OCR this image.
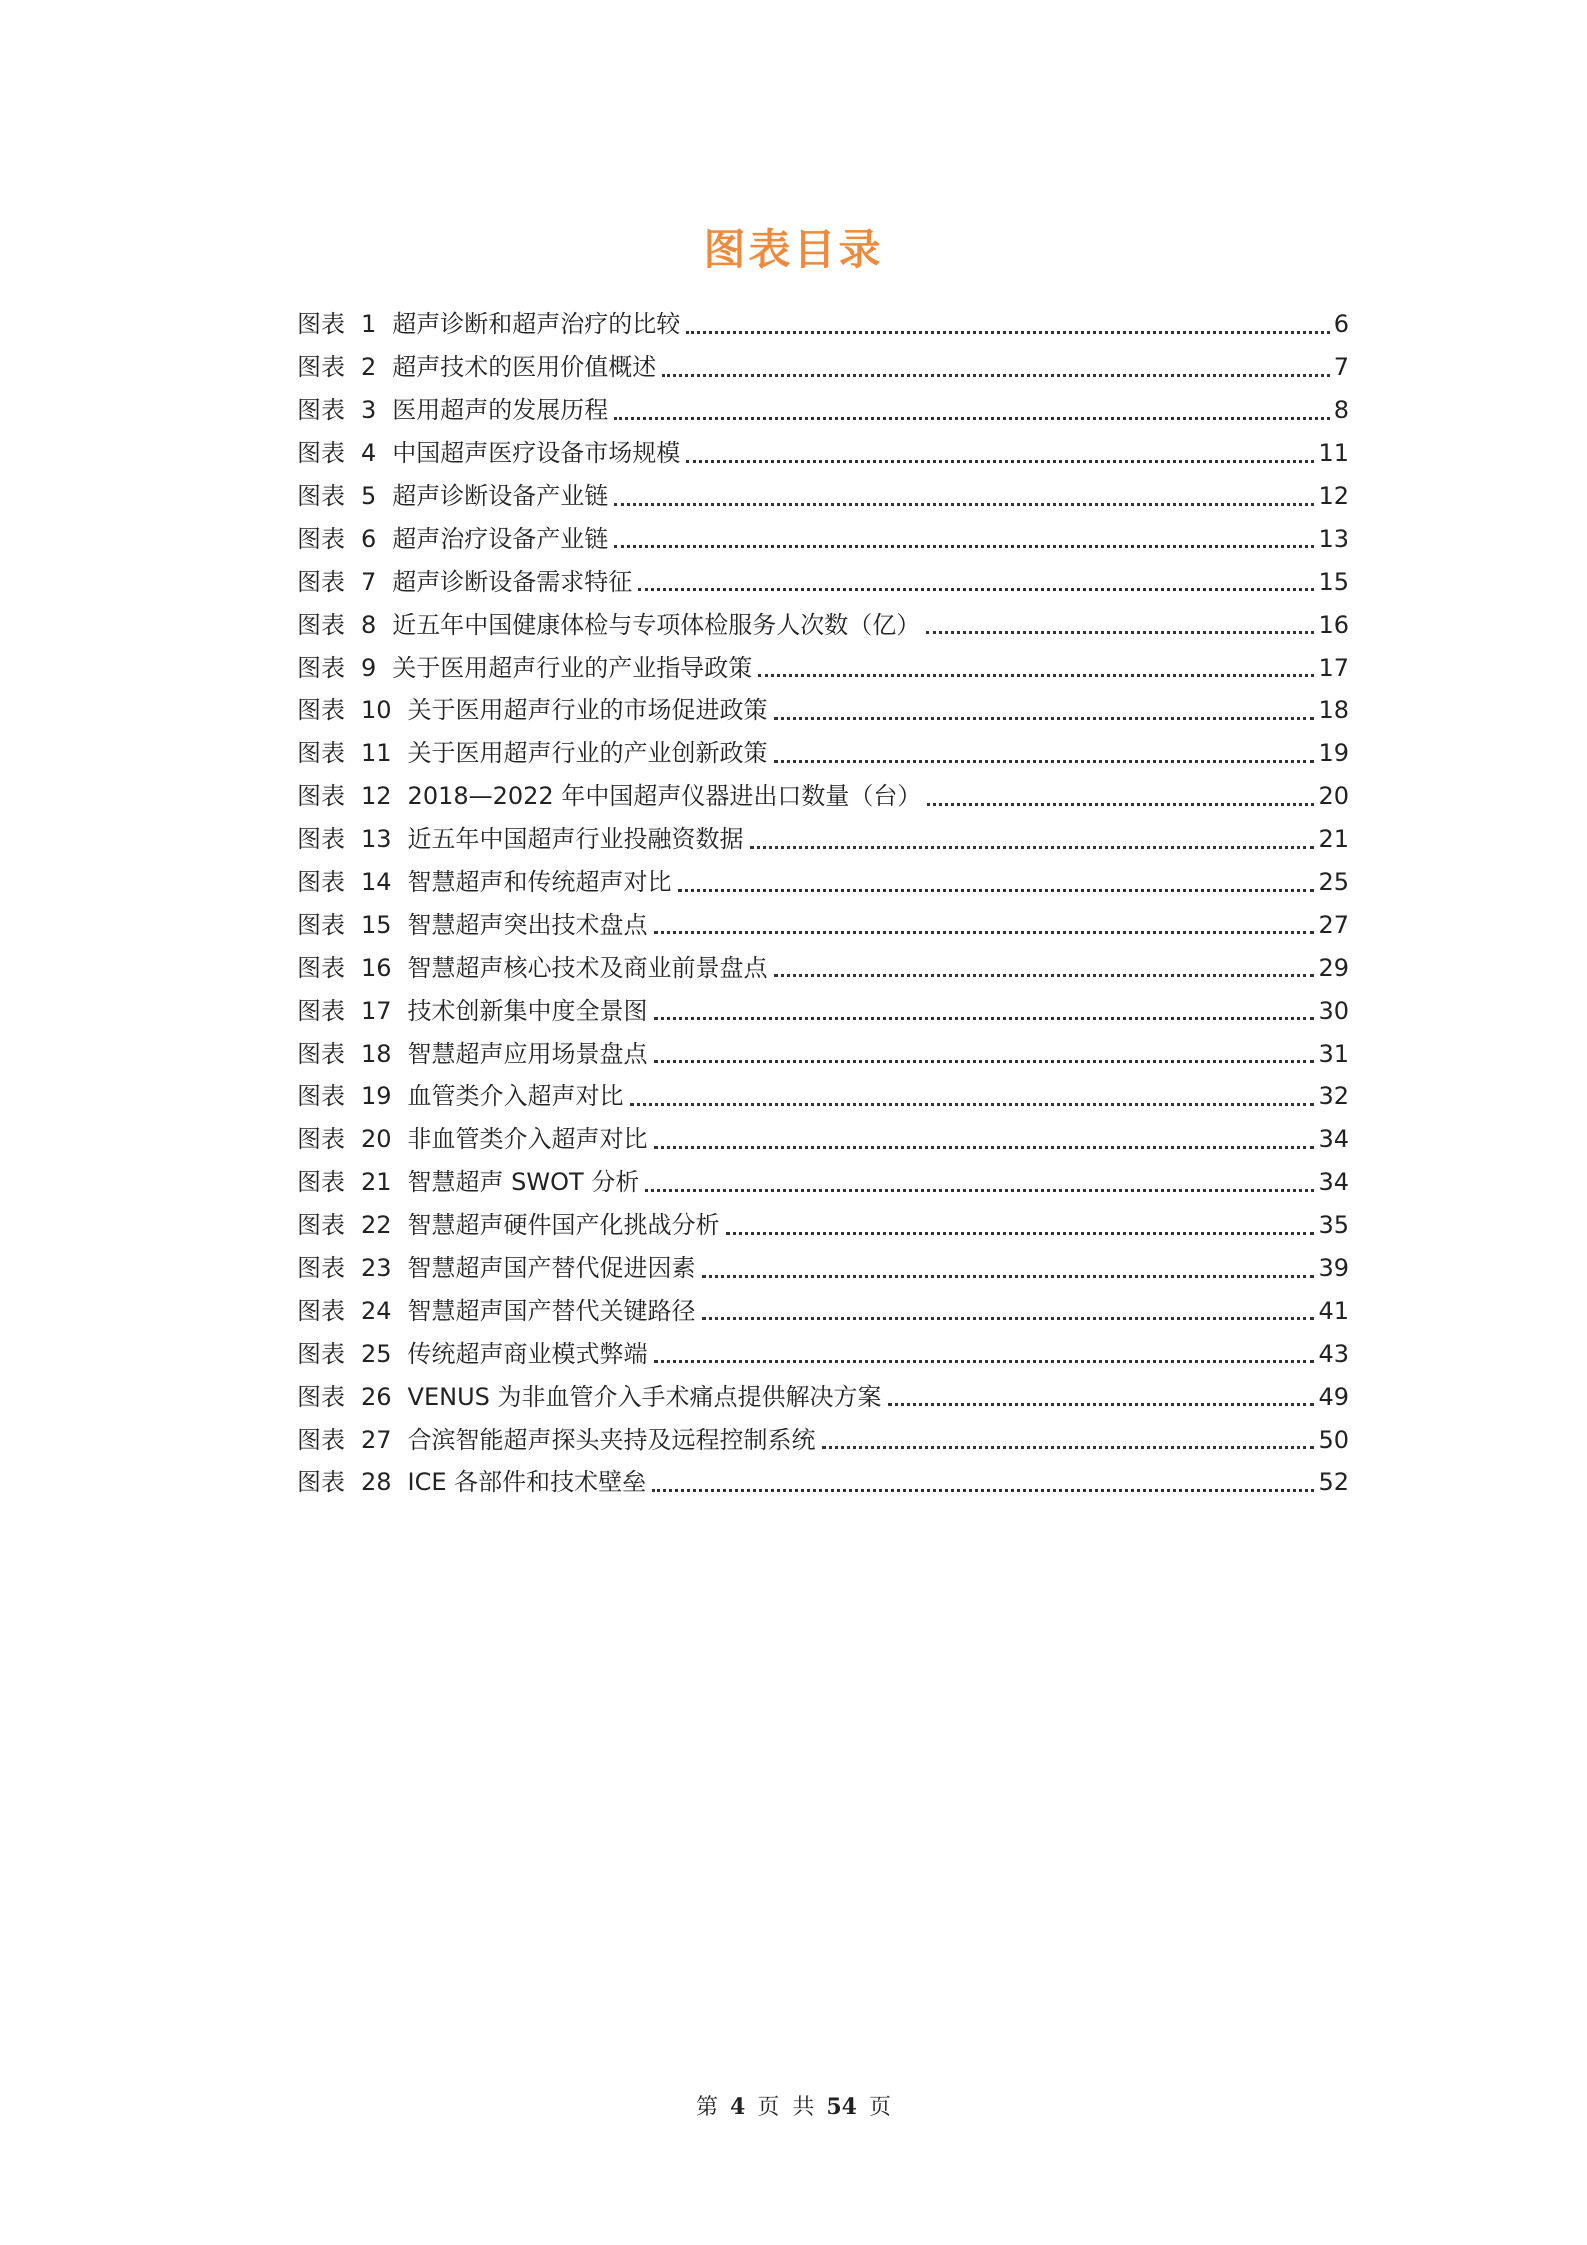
图表目录
图表 1 超声诊断和超声治疗的比较	6
图表 2 超声技术的医用价值概述	7
图表 3 医用超声的发展历程	8
图表 4 中国超声医疗设备市场规模	11
图表 5 超声诊断设备产业链	12
图表 6 超声治疗设备产业链	13
图表 7 超声诊断设备需求特征	15
图表 8 近五年中国健康体检与专项体检服务人次数（亿）	16
图表 9 关于医用超声行业的产业指导政策	17
图表 10 关于医用超声行业的市场促进政策	18
图表 11 关于医用超声行业的产业创新政策	19
图表 12 2018—2022 年中国超声仪器进出口数量（台）	20
图表 13 近五年中国超声行业投融资数据	21
图表 14 智慧超声和传统超声对比	25
图表 15 智慧超声突出技术盘点	27
图表 16 智慧超声核心技术及商业前景盘点	29
图表 17 技术创新集中度全景图	30
图表 18 智慧超声应用场景盘点	31
图表 19 血管类介入超声对比	32
图表 20 非血管类介入超声对比	34
图表 21 智慧超声 SWOT 分析	34
图表 22 智慧超声硬件国产化挑战分析	35
图表 23 智慧超声国产替代促进因素	39
图表 24 智慧超声国产替代关键路径	41
图表 25 传统超声商业模式弊端	43
图表 26 VENUS 为非血管介入手术痛点提供解决方案	49
图表 27 合滨智能超声探头夹持及远程控制系统	50
图表 28 ICE 各部件和技术壁垒	52
第 4 页 共 54 页
